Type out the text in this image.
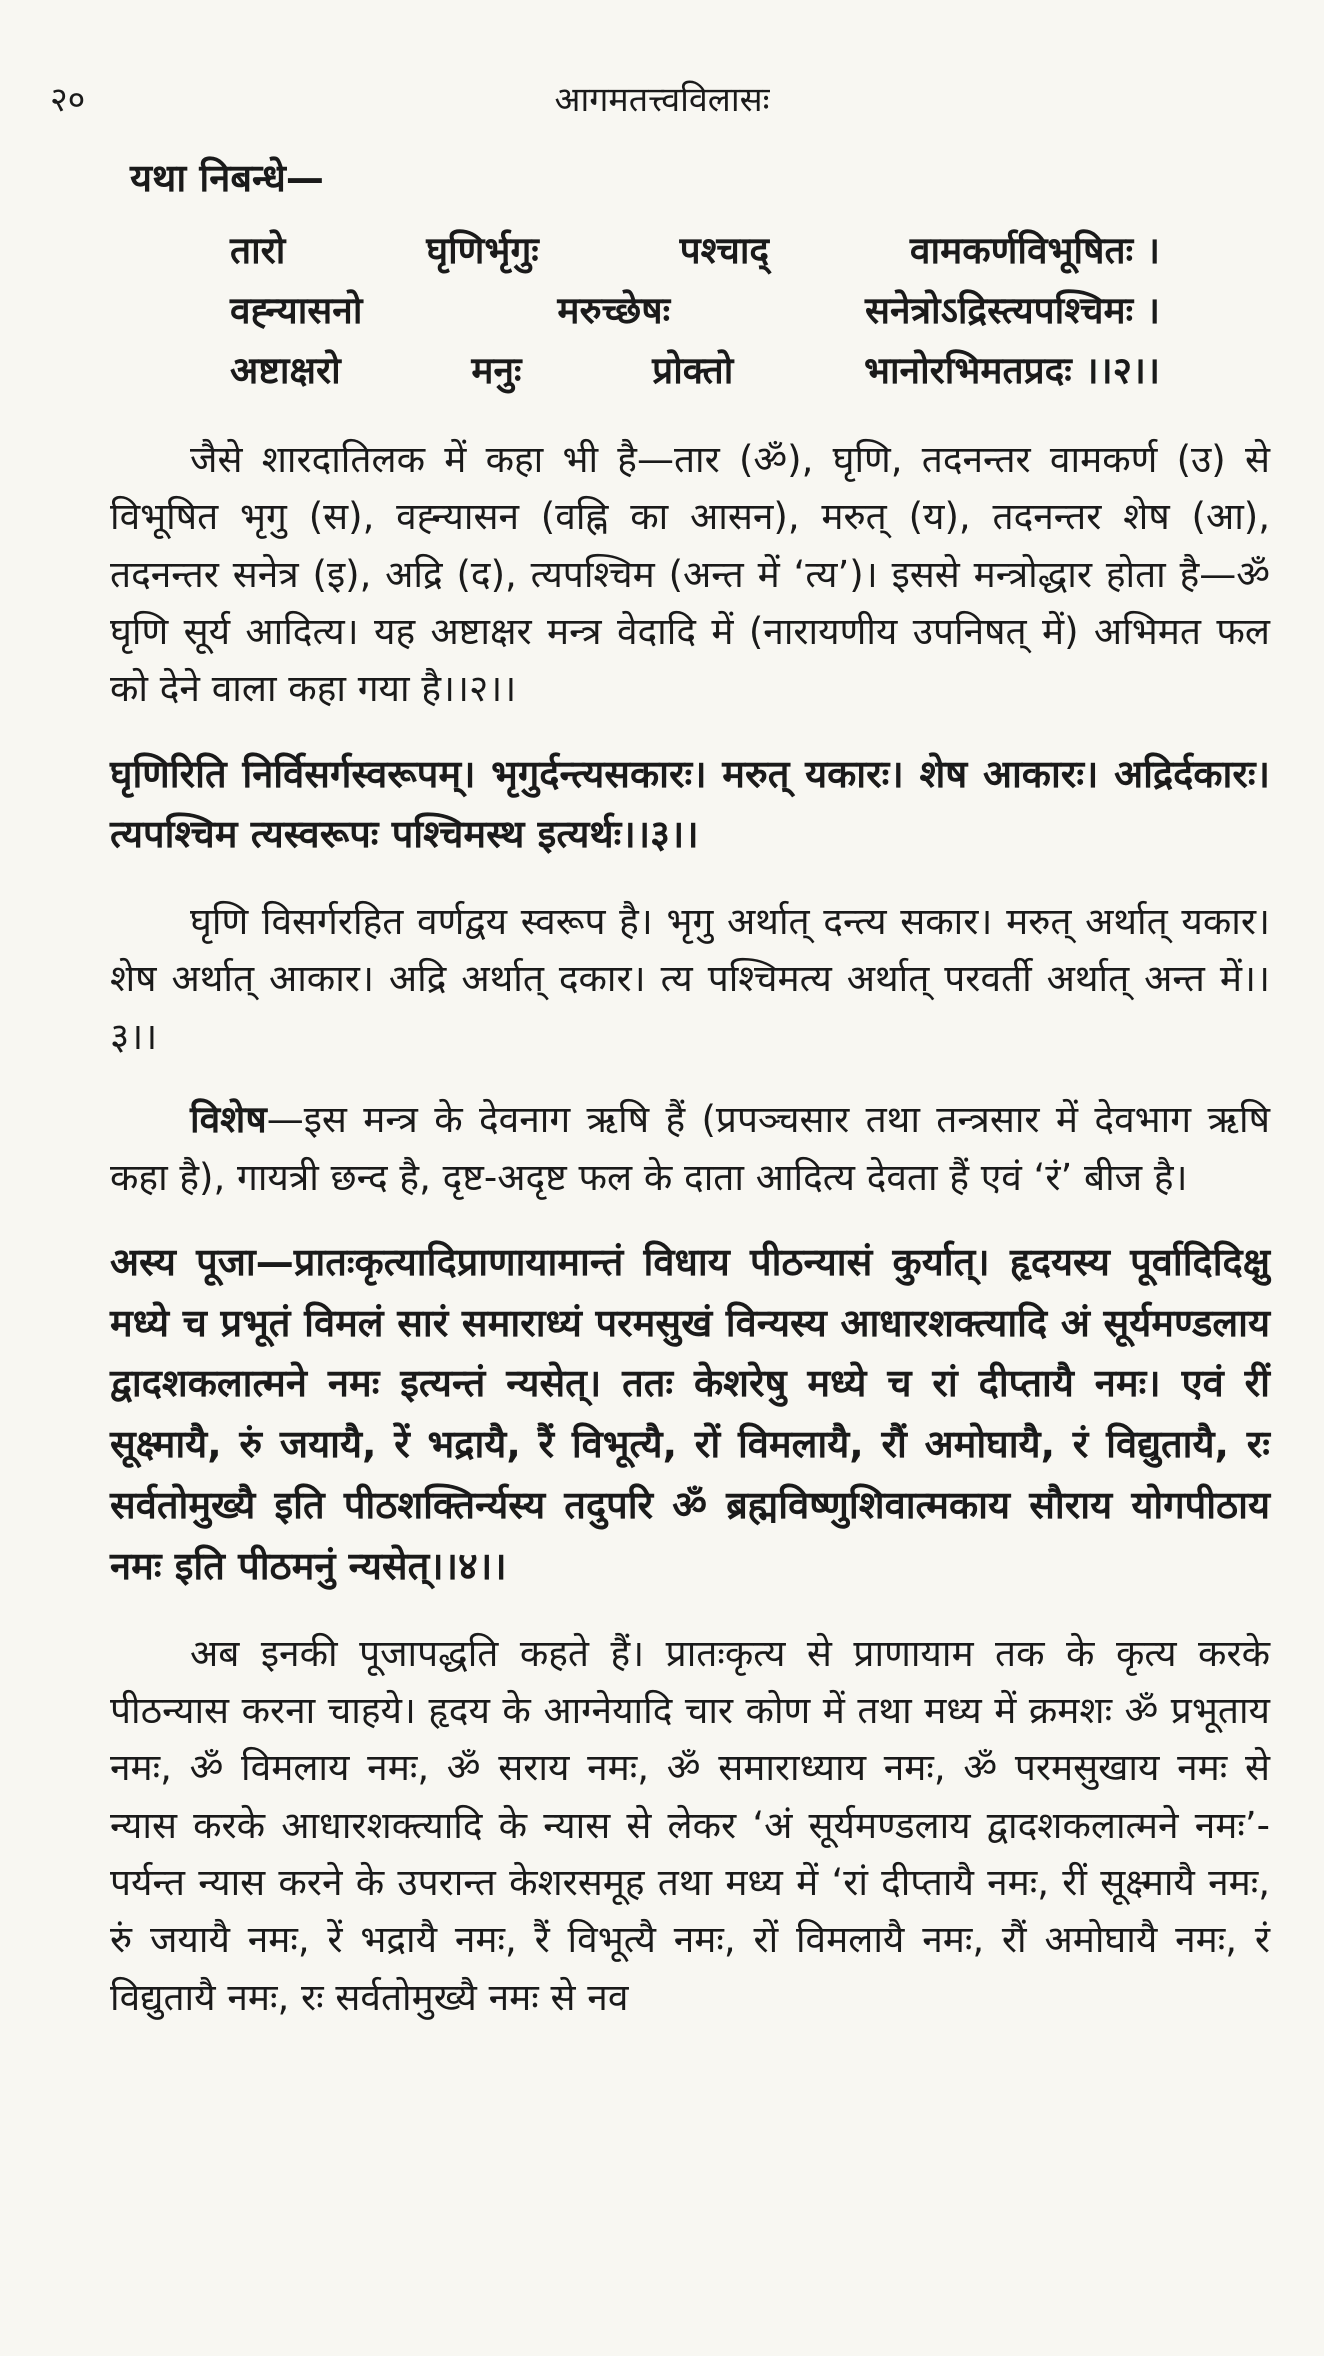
२०	आगमतत्त्वविलासः
यथा निबन्धे—
तारो	घृणिर्भृगुः	पश्चाद्	वामकर्णविभूषितः ।
वह्न्यासनो	मरुच्छेषः	सनेत्रोऽद्रिस्त्यपश्चिमः ।
अष्टाक्षरो	मनुः	प्रोक्तो	भानोरभिमतप्रदः ।।२।।

जैसे शारदातिलक में कहा भी है—तार (ॐ), घृणि, तदनन्तर वामकर्ण (उ) से विभूषित भृगु (स), वह्न्यासन (वह्नि का आसन), मरुत् (य), तदनन्तर शेष (आ), तदनन्तर सनेत्र (इ), अद्रि (द), त्यपश्चिम (अन्त में ‘त्य’)। इससे मन्त्रोद्धार होता है—ॐ घृणि सूर्य आदित्य। यह अष्टाक्षर मन्त्र वेदादि में (नारायणीय उपनिषत् में) अभिमत फल को देने वाला कहा गया है।।२।।

घृणिरिति निर्विसर्गस्वरूपम्। भृगुर्दन्त्यसकारः। मरुत् यकारः। शेष आकारः। अद्रिर्दकारः। त्यपश्चिम त्यस्वरूपः पश्चिमस्थ इत्यर्थः।।३।।

घृणि विसर्गरहित वर्णद्वय स्वरूप है। भृगु अर्थात् दन्त्य सकार। मरुत् अर्थात् यकार। शेष अर्थात् आकार। अद्रि अर्थात् दकार। त्य पश्चिमत्य अर्थात् परवर्ती अर्थात् अन्त में।।३।।

विशेष—इस मन्त्र के देवनाग ऋषि हैं (प्रपञ्चसार तथा तन्त्रसार में देवभाग ऋषि कहा है), गायत्री छन्द है, दृष्ट-अदृष्ट फल के दाता आदित्य देवता हैं एवं ‘रं’ बीज है।

अस्य पूजा—प्रातःकृत्यादिप्राणायामान्तं विधाय पीठन्यासं कुर्यात्। हृदयस्य पूर्वादिदिक्षु मध्ये च प्रभूतं विमलं सारं समाराध्यं परमसुखं विन्यस्य आधारशक्त्यादि अं सूर्यमण्डलाय द्वादशकलात्मने नमः इत्यन्तं न्यसेत्। ततः केशरेषु मध्ये च रां दीप्तायै नमः। एवं रीं सूक्ष्मायै, रुं जयायै, रें भद्रायै, रैं विभूत्यै, रों विमलायै, रौं अमोघायै, रं विद्युतायै, रः सर्वतोमुख्यै इति पीठशक्तिर्न्यस्य तदुपरि ॐ ब्रह्मविष्णुशिवात्मकाय सौराय योगपीठाय नमः इति पीठमनुं न्यसेत्।।४।।

अब इनकी पूजापद्धति कहते हैं। प्रातःकृत्य से प्राणायाम तक के कृत्य करके पीठन्यास करना चाहये। हृदय के आग्नेयादि चार कोण में तथा मध्य में क्रमशः ॐ प्रभूताय नमः, ॐ विमलाय नमः, ॐ सराय नमः, ॐ समाराध्याय नमः, ॐ परमसुखाय नमः से न्यास करके आधारशक्त्यादि के न्यास से लेकर ‘अं सूर्यमण्डलाय द्वादशकलात्मने नमः’-पर्यन्त न्यास करने के उपरान्त केशरसमूह तथा मध्य में ‘रां दीप्तायै नमः, रीं सूक्ष्मायै नमः, रुं जयायै नमः, रें भद्रायै नमः, रैं विभूत्यै नमः, रों विमलायै नमः, रौं अमोघायै नमः, रं विद्युतायै नमः, रः सर्वतोमुख्यै नमः से नव
